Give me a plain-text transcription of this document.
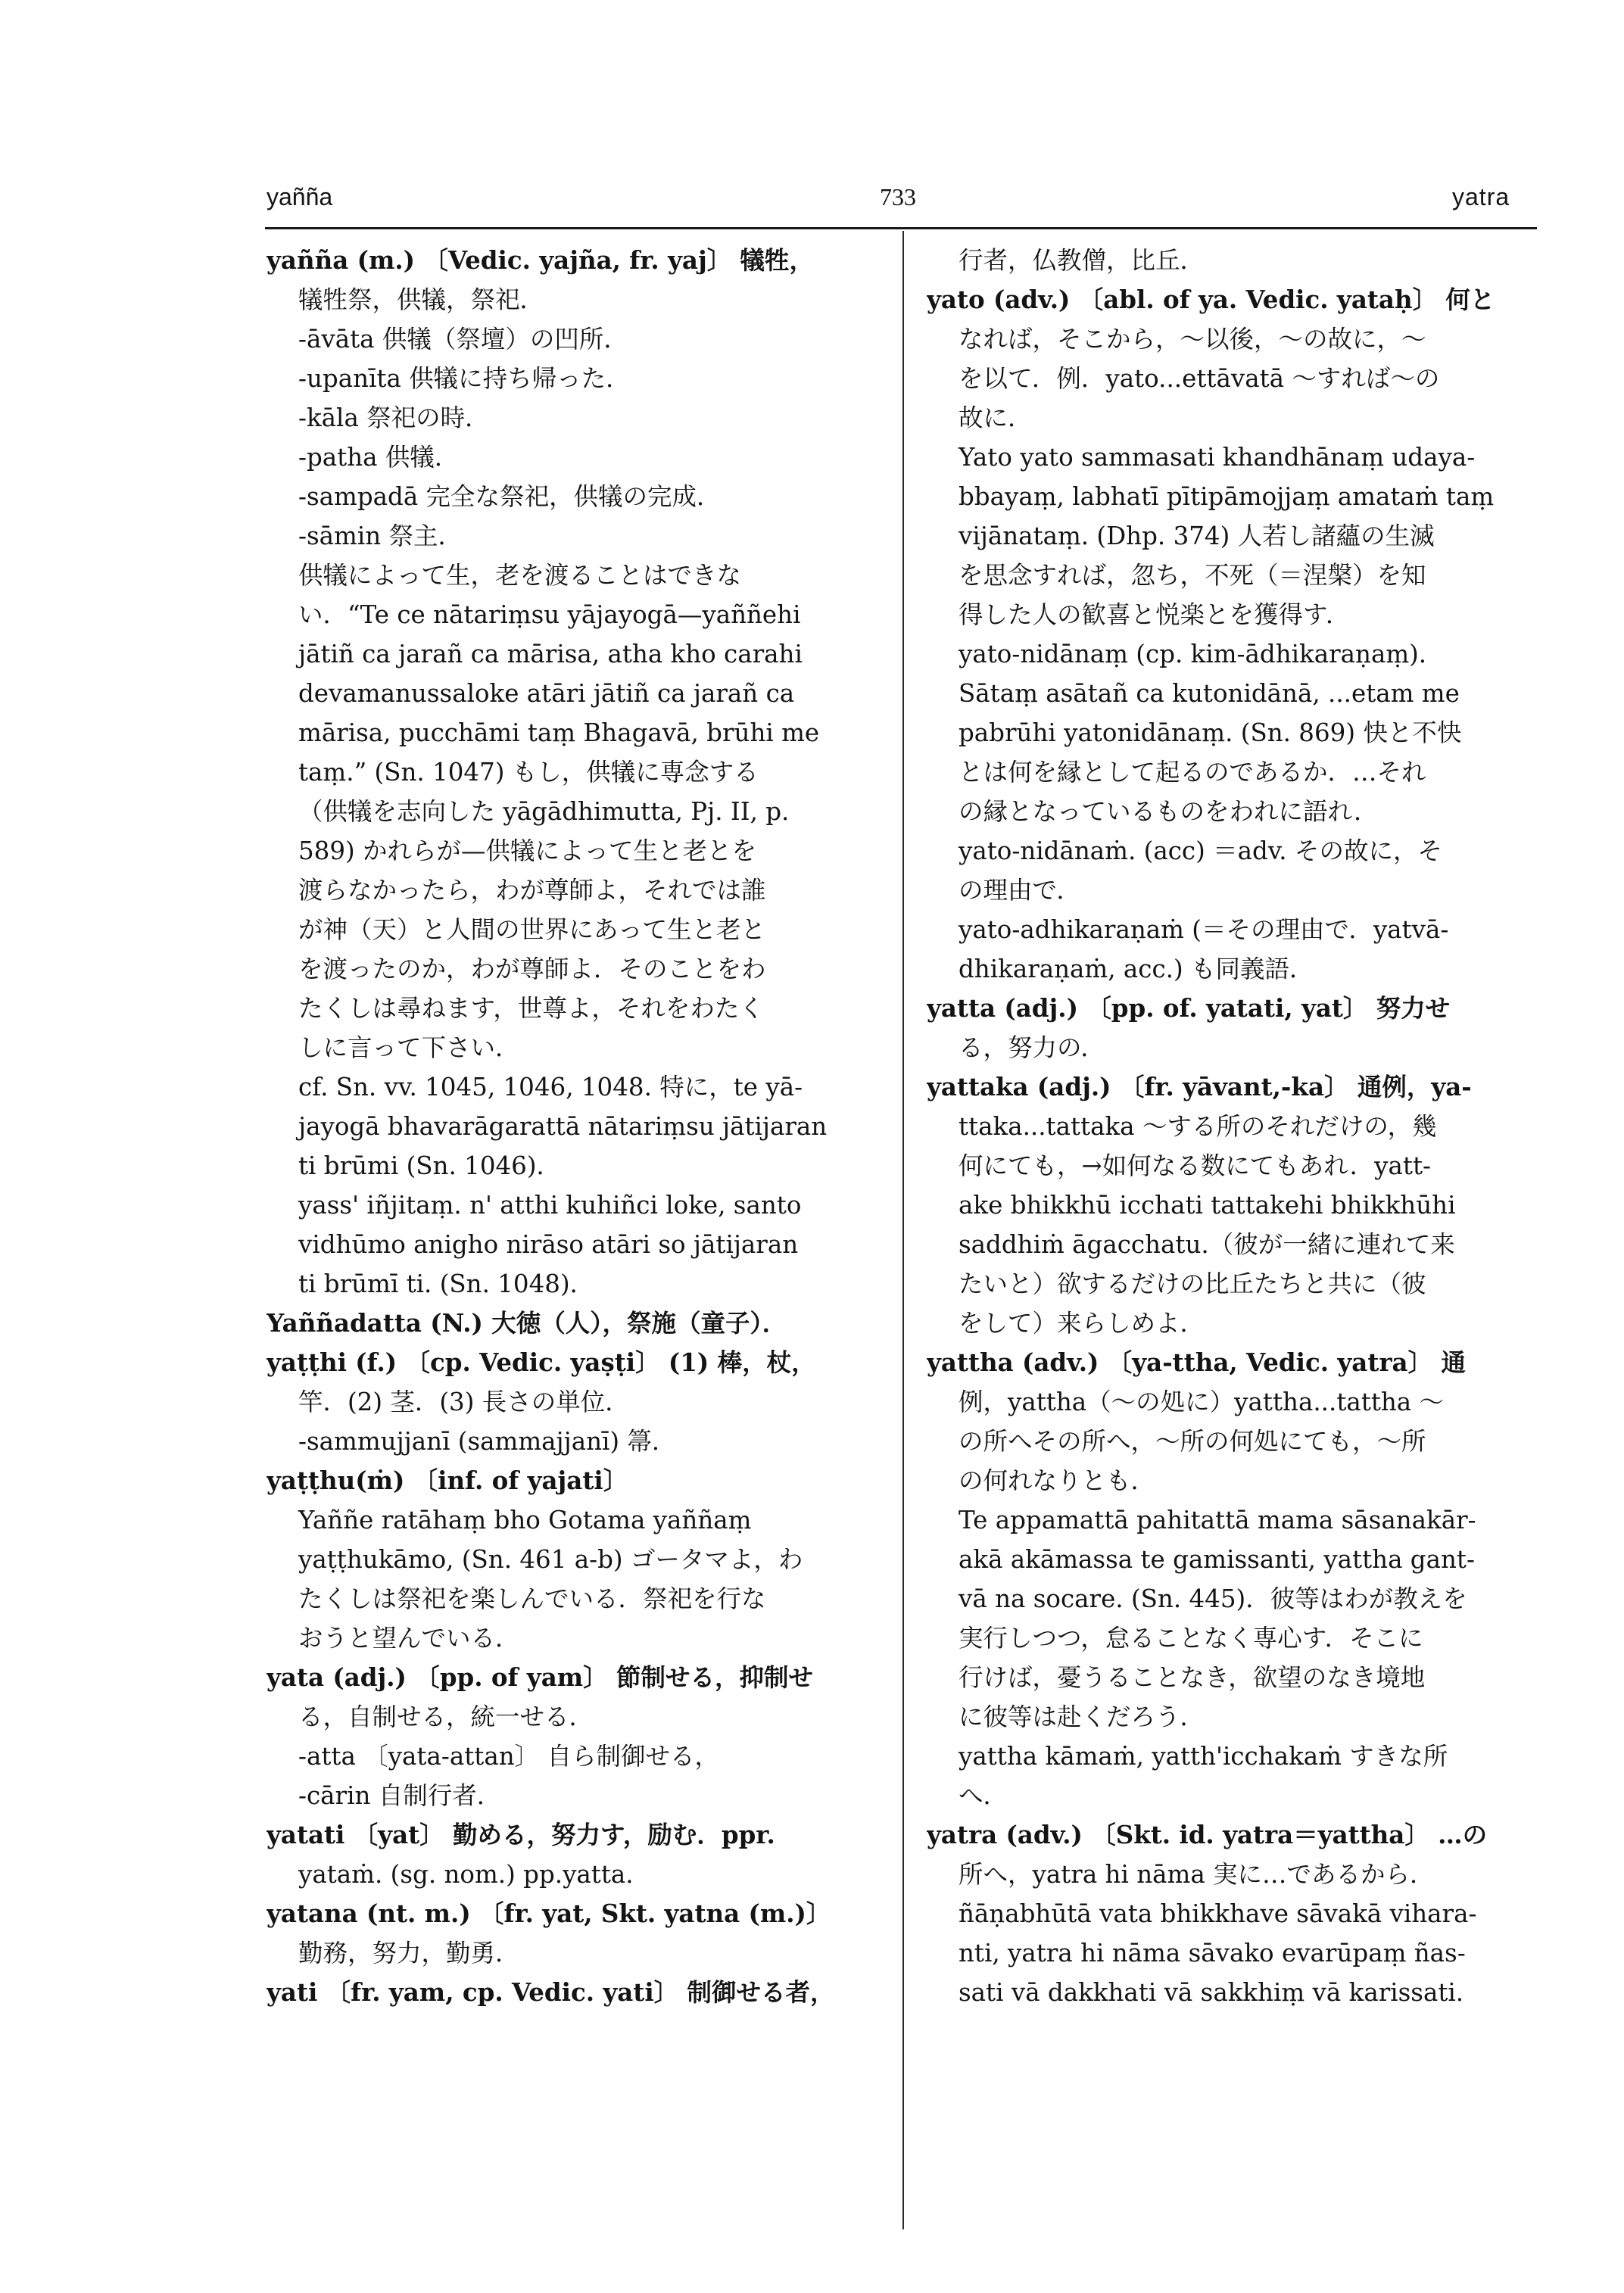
yañña	733	yatra
yañña (m.) 〔Vedic. yajña, fr. yaj〕 犠牲，
犠牲祭，供犠，祭祀．
-āvāta 供犠（祭壇）の凹所．
-upanīta 供犠に持ち帰った．
-kāla 祭祀の時．
-patha 供犠．
-sampadā 完全な祭祀，供犠の完成．
-sāmin 祭主．
供犠によって生，老を渡ることはできな
い．“Te ce nātariṃsu yājayogā—yaññehi
jātiñ ca jarañ ca mārisa, atha kho carahi
devamanussaloke atāri jātiñ ca jarañ ca
mārisa, pucchāmi taṃ Bhagavā, brūhi me
taṃ.” (Sn. 1047) もし，供犠に専念する
（供犠を志向した yāgādhimutta, Pj. II, p.
589) かれらが—供犠によって生と老とを
渡らなかったら，わが尊師よ，それでは誰
が神（天）と人間の世界にあって生と老と
を渡ったのか，わが尊師よ．そのことをわ
たくしは尋ねます，世尊よ，それをわたく
しに言って下さい．
cf. Sn. vv. 1045, 1046, 1048. 特に，te yā-
jayogā bhavarāgarattā nātariṃsu jātijaran
ti brūmi (Sn. 1046)．
yass' iñjitaṃ. n' atthi kuhiñci loke, santo
vidhūmo anigho nirāso atāri so jātijaran
ti brūmī ti. (Sn. 1048)．
Yaññadatta (N.) 大徳（人），祭施（童子）．
yaṭṭhi (f.) 〔cp. Vedic. yaṣṭi〕 (1) 棒，杖，
竿．(2) 茎．(3) 長さの単位．
-sammujjanī (sammajjanī) 箒．
yaṭṭhu(ṁ) 〔inf. of yajati〕
Yaññe ratāhaṃ bho Gotama yaññaṃ
yaṭṭhukāmo, (Sn. 461 a-b) ゴータマよ，わ
たくしは祭祀を楽しんでいる．祭祀を行な
おうと望んでいる．
yata (adj.) 〔pp. of yam〕 節制せる，抑制せ
る，自制せる，統一せる．
-atta 〔yata-attan〕 自ら制御せる，
-cārin 自制行者．
yatati 〔yat〕 勤める，努力す，励む．ppr.
yataṁ. (sg. nom.) pp.yatta.
yatana (nt. m.) 〔fr. yat, Skt. yatna (m.)〕
勤務，努力，勤勇．
yati 〔fr. yam, cp. Vedic. yati〕 制御せる者，
行者，仏教僧，比丘．
yato (adv.) 〔abl. of ya. Vedic. yataḥ〕 何と
なれば，そこから，～以後，～の故に，～
を以て．例．yato...ettāvatā ～すれば～の
故に．
Yato yato sammasati khandhānaṃ udaya-
bbayaṃ, labhatī pītipāmojjaṃ amataṁ taṃ
vijānataṃ. (Dhp. 374) 人若し諸蘊の生滅
を思念すれば，忽ち，不死（＝涅槃）を知
得した人の歓喜と悦楽とを獲得す．
yato-nidānaṃ (cp. kim-ādhikaraṇaṃ)．
Sātaṃ asātañ ca kutonidānā, ...etam me
pabrūhi yatonidānaṃ. (Sn. 869) 快と不快
とは何を縁として起るのであるか．…それ
の縁となっているものをわれに語れ．
yato-nidānaṁ. (acc) ＝adv. その故に，そ
の理由で．
yato-adhikaraṇaṁ (＝その理由で．yatvā-
dhikaraṇaṁ, acc.) も同義語．
yatta (adj.) 〔pp. of. yatati, yat〕 努力せ
る，努力の．
yattaka (adj.) 〔fr. yāvant,-ka〕 通例，ya-
ttaka...tattaka ～する所のそれだけの，幾
何にても，→如何なる数にてもあれ．yatt-
ake bhikkhū icchati tattakehi bhikkhūhi
saddhiṁ āgacchatu.（彼が一緒に連れて来
たいと）欲するだけの比丘たちと共に（彼
をして）来らしめよ．
yattha (adv.) 〔ya-ttha, Vedic. yatra〕 通
例，yattha（～の処に）yattha...tattha ～
の所へその所へ，～所の何処にても，～所
の何れなりとも．
Te appamattā pahitattā mama sāsanakār-
akā akāmassa te gamissanti, yattha gant-
vā na socare. (Sn. 445)．彼等はわが教えを
実行しつつ，怠ることなく専心す．そこに
行けば，憂うることなき，欲望のなき境地
に彼等は赴くだろう．
yattha kāmaṁ, yatth'icchakaṁ すきな所
へ．
yatra (adv.) 〔Skt. id. yatra＝yattha〕 …の
所へ，yatra hi nāma 実に…であるから．
ñāṇabhūtā vata bhikkhave sāvakā vihara-
nti, yatra hi nāma sāvako evarūpaṃ ñas-
sati vā dakkhati vā sakkhiṃ vā karissati.
